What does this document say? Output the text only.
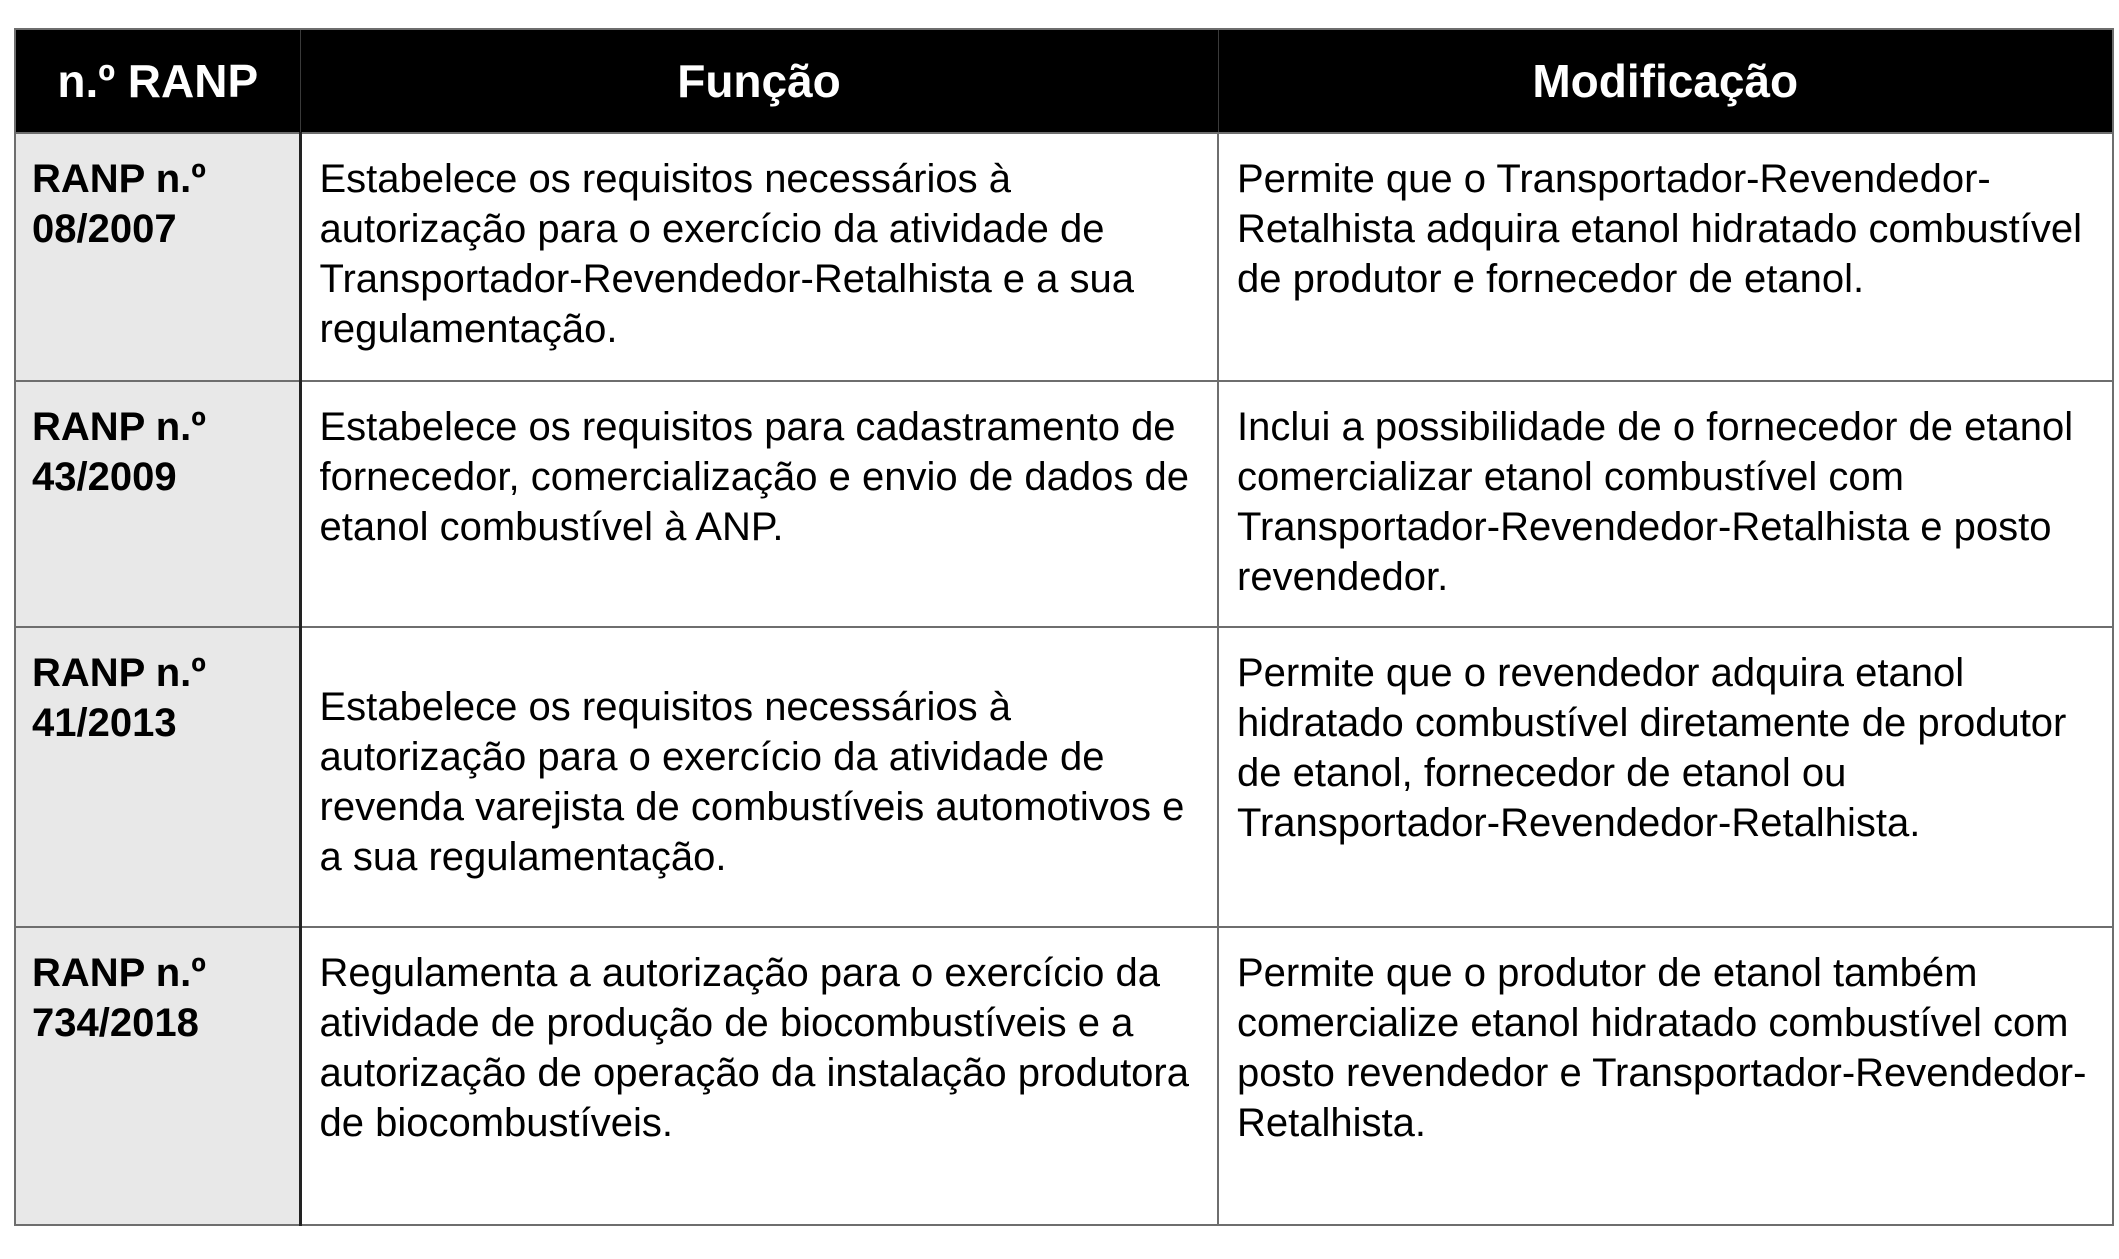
n.º RANP	Função	Modificação
RANP n.º 08/2007	Estabelece os requisitos necessários à autorização para o exercício da atividade de Transportador-Revendedor-Retalhista e a sua regulamentação.	Permite que o Transportador-Revendedor-Retalhista adquira etanol hidratado combustível de produtor e fornecedor de etanol.
RANP n.º 43/2009	Estabelece os requisitos para cadastramento de fornecedor, comercialização e envio de dados de etanol combustível à ANP.	Inclui a possibilidade de o fornecedor de etanol comercializar etanol combustível com Transportador-Revendedor-Retalhista e posto revendedor.
RANP n.º 41/2013	Estabelece os requisitos necessários à autorização para o exercício da atividade de revenda varejista de combustíveis automotivos e a sua regulamentação.	Permite que o revendedor adquira etanol hidratado combustível diretamente de produtor de etanol, fornecedor de etanol ou Transportador-Revendedor-Retalhista.
RANP n.º 734/2018	Regulamenta a autorização para o exercício da atividade de produção de biocombustíveis e a autorização de operação da instalação produtora de biocombustíveis.	Permite que o produtor de etanol também comercialize etanol hidratado combustível com posto revendedor e Transportador-Revendedor-Retalhista.
